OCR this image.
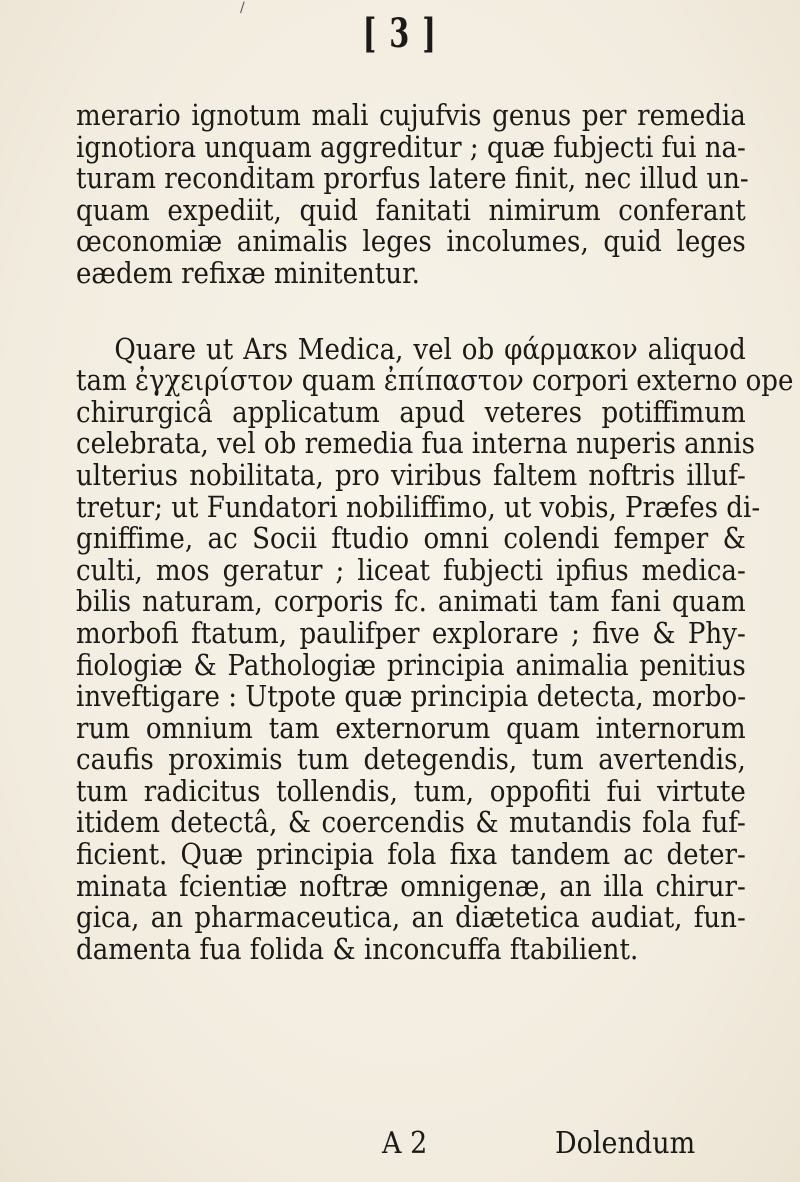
/
[ 3 ]
merario ignotum mali cujufvis genus per remedia
ignotiora unquam aggreditur ; quæ fubjecti fui na-
turam reconditam prorfus latere finit, nec illud un-
quam expediit, quid fanitati nimirum conferant
œconomiæ animalis leges incolumes, quid leges
eædem refixæ minitentur.
Quare ut Ars Medica, vel ob φάρμακον aliquod
tam ἐγχειρίστον quam ἐπίπαστον corpori externo ope
chirurgicâ applicatum apud veteres potiffimum
celebrata, vel ob remedia fua interna nuperis annis
ulterius nobilitata, pro viribus faltem noftris illuf-
tretur; ut Fundatori nobiliffimo, ut vobis, Præfes di-
gniffime, ac Socii ftudio omni colendi femper &
culti, mos geratur ; liceat fubjecti ipfius medica-
bilis naturam, corporis fc. animati tam fani quam
morbofi ftatum, paulifper explorare ; five & Phy-
fiologiæ & Pathologiæ principia animalia penitius
inveftigare : Utpote quæ principia detecta, morbo-
rum omnium tam externorum quam internorum
caufis proximis tum detegendis, tum avertendis,
tum radicitus tollendis, tum, oppofiti fui virtute
itidem detectâ, & coercendis & mutandis fola fuf-
ficient. Quæ principia fola fixa tandem ac deter-
minata fcientiæ noftræ omnigenæ, an illa chirur-
gica, an pharmaceutica, an diætetica audiat, fun-
damenta fua folida & inconcuffa ftabilient.
A 2	Dolendum
